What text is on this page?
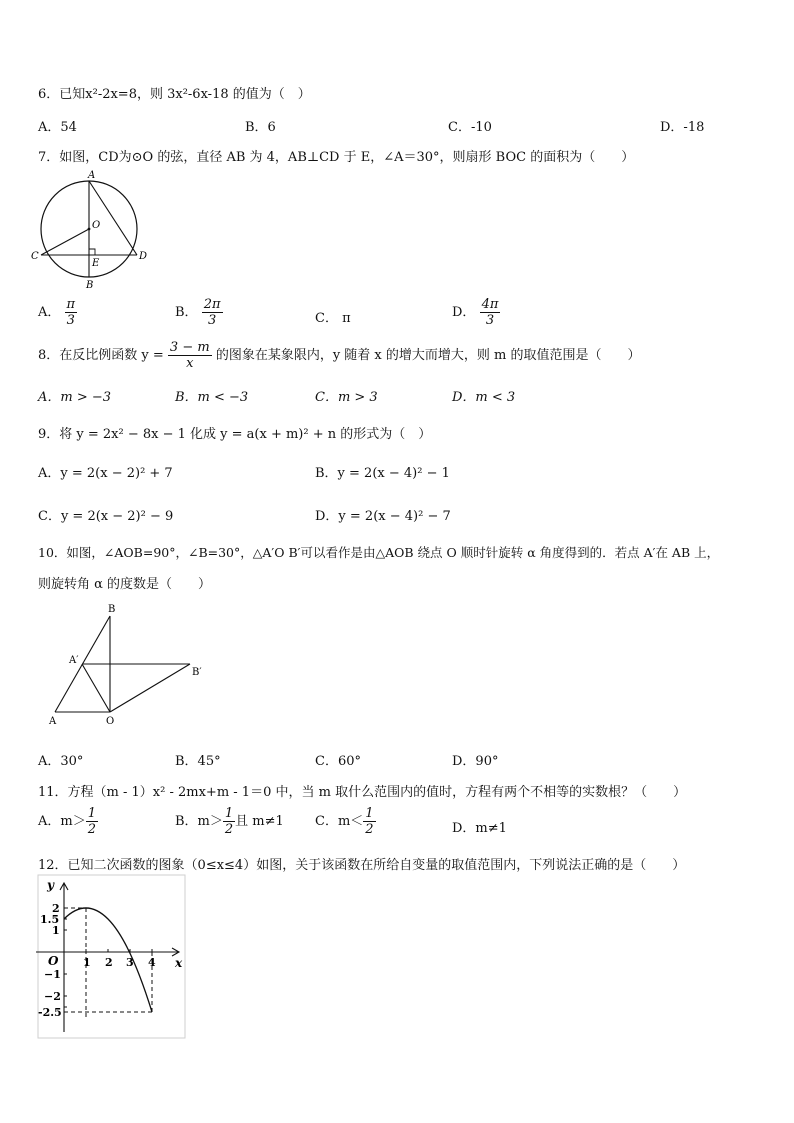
6．已知x²-2x=8，则 3x²-6x-18 的值为（　）
A．54	B．6	C．-10	D．-18
7．如图，CD为⊙O 的弦，直径 AB 为 4，AB⊥CD 于 E，∠A＝30°，则扇形 BOC 的面积为（　　）
A
O
C	D
E
B
A． $\frac{\pi}{3}$	B． $\frac{2\pi}{3}$	C． π	D． $\frac{4\pi}{3}$
8．在反比例函数 $y = \frac{3 - m}{x}$ 的图象在某象限内，y 随着 x 的增大而增大，则 m 的取值范围是（　　）
A．m > −3	B．m < −3	C．m > 3	D．m < 3
9．将 y = 2x² − 8x − 1 化成 y = a(x + m)² + n 的形式为（　）
A．y = 2(x − 2)² + 7	B．y = 2(x − 4)² − 1
C．y = 2(x − 2)² − 9	D．y = 2(x − 4)² − 7
10．如图，∠AOB=90°，∠B=30°，△A′O B′可以看作是由△AOB 绕点 O 顺时针旋转 α 角度得到的．若点 A′在 AB 上，
则旋转角 α 的度数是（　　）
B
A′
B′
A	O
A．30°	B．45°	C．60°	D．90°
11．方程（m - 1）x² - 2mx+m - 1＝0 中，当 m 取什么范围内的值时，方程有两个不相等的实数根？（　　）
A．$m> \frac{1}{2}$	B．$m> \frac{1}{2}$ 且 m≠1 C．$m< \frac{1}{2}$	D．m≠1
12．已知二次函数的图象（0≤x≤4）如图，关于该函数在所给自变量的取值范围内，下列说法正确的是（　　）
y
x
O 1 2 3 4
2
1.5
1
−1
−2
-2.5
